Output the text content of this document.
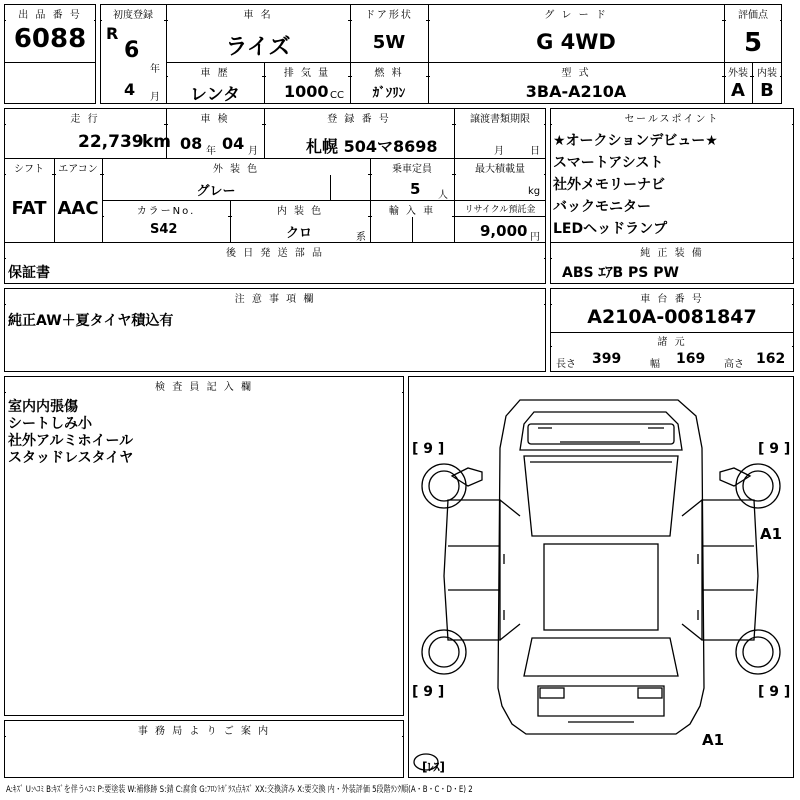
出 品 番 号
6088
初度登録
R
6
年
4 月
車 名
ライズ
ドア形状
5W
グ レ ー ド
G 4WD
評価点
5
車 歴
レンタ
排 気 量
1000 CC
燃 料
ｶﾞｿﾘﾝ
型 式
3BA-A210A
外装
A
内装
B
走 行
22,739
km
車 検
08 年 04 月
登 録 番 号
札幌 504マ8698
譲渡書類期限
月	日
シフト
FAT
エアコン
AAC
外 装 色
グレー
乗車定員
5 人
最大積載量
kg
カラーNo.
S42
内 装 色
クロ	系
輸 入 車	リサイクル預託金
9,000 円
後 日 発 送 部 品
保証書
セールスポイント
★オークションデビュー★
スマートアシスト
社外メモリーナビ
バックモニター
LEDヘッドランプ
純 正 装 備
ABS ｴｱB PS PW
注 意 事 項 欄
純正AW＋夏タイヤ積込有
車 台 番 号
A210A-0081847
諸 元
長さ 399	幅 169 高さ 162
検 査 員 記 入 欄
室内内張傷
シートしみ小
社外アルミホイール
スタッドレスタイヤ
事 務 局 よ り ご 案 内
[ 9 ]	[ 9 ]
[ 9 ]	[ 9 ]
A1
A1
[ﾚｽ]
A:ｷｽﾞ U:ﾍｺﾐ B:ｷｽﾞを伴うﾍｺﾐ P:要塗装 W:補修跡 S:錆 C:腐食 G:ﾌﾛﾝﾄｶﾞﾗｽ点ｷｽﾞ XX:交換済み X:要交換 内・外装評価 5段階ﾗﾝｸ順(A・B・C・D・E) 2
